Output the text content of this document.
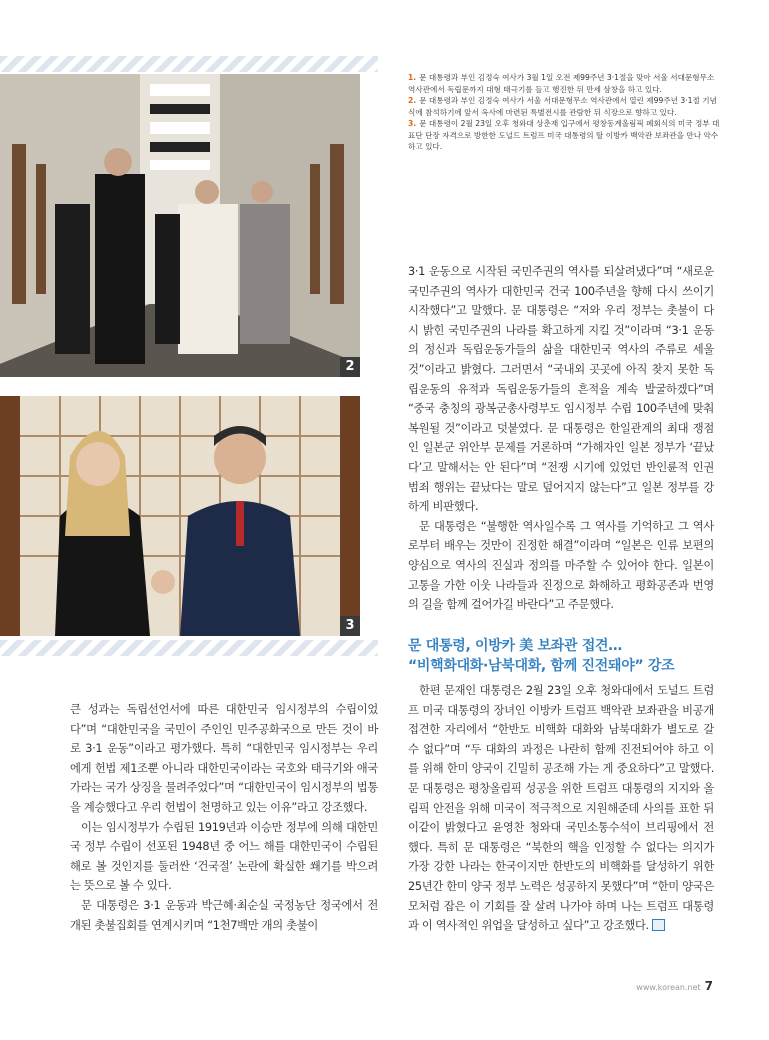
2
3

1. 문 대통령과 부인 김정숙 여사가 3월 1일 오전 제99주년 3·1절을 맞아 서울 서대문형무소 역사관에서 독립문까지 대형 태극기를 들고 행진한 뒤 만세 삼창을 하고 있다.

2. 문 대통령과 부인 김정숙 여사가 서울 서대문형무소 역사관에서 열린 제99주년 3·1절 기념식에 참석하기에 앞서 옥사에 마련된 특별전시를 관람한 뒤 식장으로 향하고 있다.

3. 문 대통령이 2월 23일 오후 청와대 상춘재 입구에서 평창동계올림픽 폐회식의 미국 정부 대표단 단장 자격으로 방한한 도널드 트럼프 미국 대통령의 딸 이방카 백악관 보좌관을 만나 악수하고 있다.

3·1 운동으로 시작된 국민주권의 역사를 되살려냈다”며 “새로운 국민주권의 역사가 대한민국 건국 100주년을 향해 다시 쓰이기 시작했다”고 말했다. 문 대통령은 “저와 우리 정부는 촛불이 다시 밝힌 국민주권의 나라를 확고하게 지킬 것”이라며 “3·1 운동의 정신과 독립운동가들의 삶을 대한민국 역사의 주류로 세울 것”이라고 밝혔다. 그러면서 “국내외 곳곳에 아직 찾지 못한 독립운동의 유적과 독립운동가들의 흔적을 계속 발굴하겠다”며 “중국 충칭의 광복군총사령부도 임시정부 수립 100주년에 맞춰 복원될 것”이라고 덧붙였다. 문 대통령은 한일관계의 최대 쟁점인 일본군 위안부 문제를 거론하며 “가해자인 일본 정부가 ‘끝났다’고 말해서는 안 된다”며 “전쟁 시기에 있었던 반인륜적 인권범죄 행위는 끝났다는 말로 덮어지지 않는다”고 일본 정부를 강하게 비판했다.

문 대통령은 “불행한 역사일수록 그 역사를 기억하고 그 역사로부터 배우는 것만이 진정한 해결”이라며 “일본은 인류 보편의 양심으로 역사의 진실과 정의를 마주할 수 있어야 한다. 일본이 고통을 가한 이웃 나라들과 진정으로 화해하고 평화공존과 번영의 길을 함께 걸어가길 바란다”고 주문했다.

문 대통령, 이방카 美 보좌관 접견…
“비핵화대화·남북대화, 함께 진전돼야” 강조

한편 문재인 대통령은 2월 23일 오후 청와대에서 도널드 트럼프 미국 대통령의 장녀인 이방카 트럼프 백악관 보좌관을 비공개 접견한 자리에서 “한반도 비핵화 대화와 남북대화가 별도로 갈 수 없다”며 “두 대화의 과정은 나란히 함께 진전되어야 하고 이를 위해 한미 양국이 긴밀히 공조해 가는 게 중요하다”고 말했다. 문 대통령은 평창올림픽 성공을 위한 트럼프 대통령의 지지와 올림픽 안전을 위해 미국이 적극적으로 지원해준데 사의를 표한 뒤 이같이 밝혔다고 윤영찬 청와대 국민소통수석이 브리핑에서 전했다. 특히 문 대통령은 “북한의 핵을 인정할 수 없다는 의지가 가장 강한 나라는 한국이지만 한반도의 비핵화를 달성하기 위한 25년간 한미 양국 정부 노력은 성공하지 못했다”며 “한미 양국은 모처럼 잡은 이 기회를 잘 살려 나가야 하며 나는 트럼프 대통령과 이 역사적인 위업을 달성하고 싶다”고 강조했다.

큰 성과는 독립선언서에 따른 대한민국 임시정부의 수립이었다”며 “대한민국을 국민이 주인인 민주공화국으로 만든 것이 바로 3·1 운동”이라고 평가했다. 특히 “대한민국 임시정부는 우리에게 헌법 제1조뿐 아니라 대한민국이라는 국호와 태극기와 애국가라는 국가 상징을 물려주었다”며 “대한민국이 임시정부의 법통을 계승했다고 우리 헌법이 천명하고 있는 이유”라고 강조했다.

이는 임시정부가 수립된 1919년과 이승만 정부에 의해 대한민국 정부 수립이 선포된 1948년 중 어느 해를 대한민국이 수립된 해로 볼 것인지를 둘러싼 ‘건국절’ 논란에 확실한 쐐기를 박으려는 뜻으로 볼 수 있다.

문 대통령은 3·1 운동과 박근혜·최순실 국정농단 정국에서 전개된 촛불집회를 연계시키며 “1천7백만 개의 촛불이

www.korean.net 7
